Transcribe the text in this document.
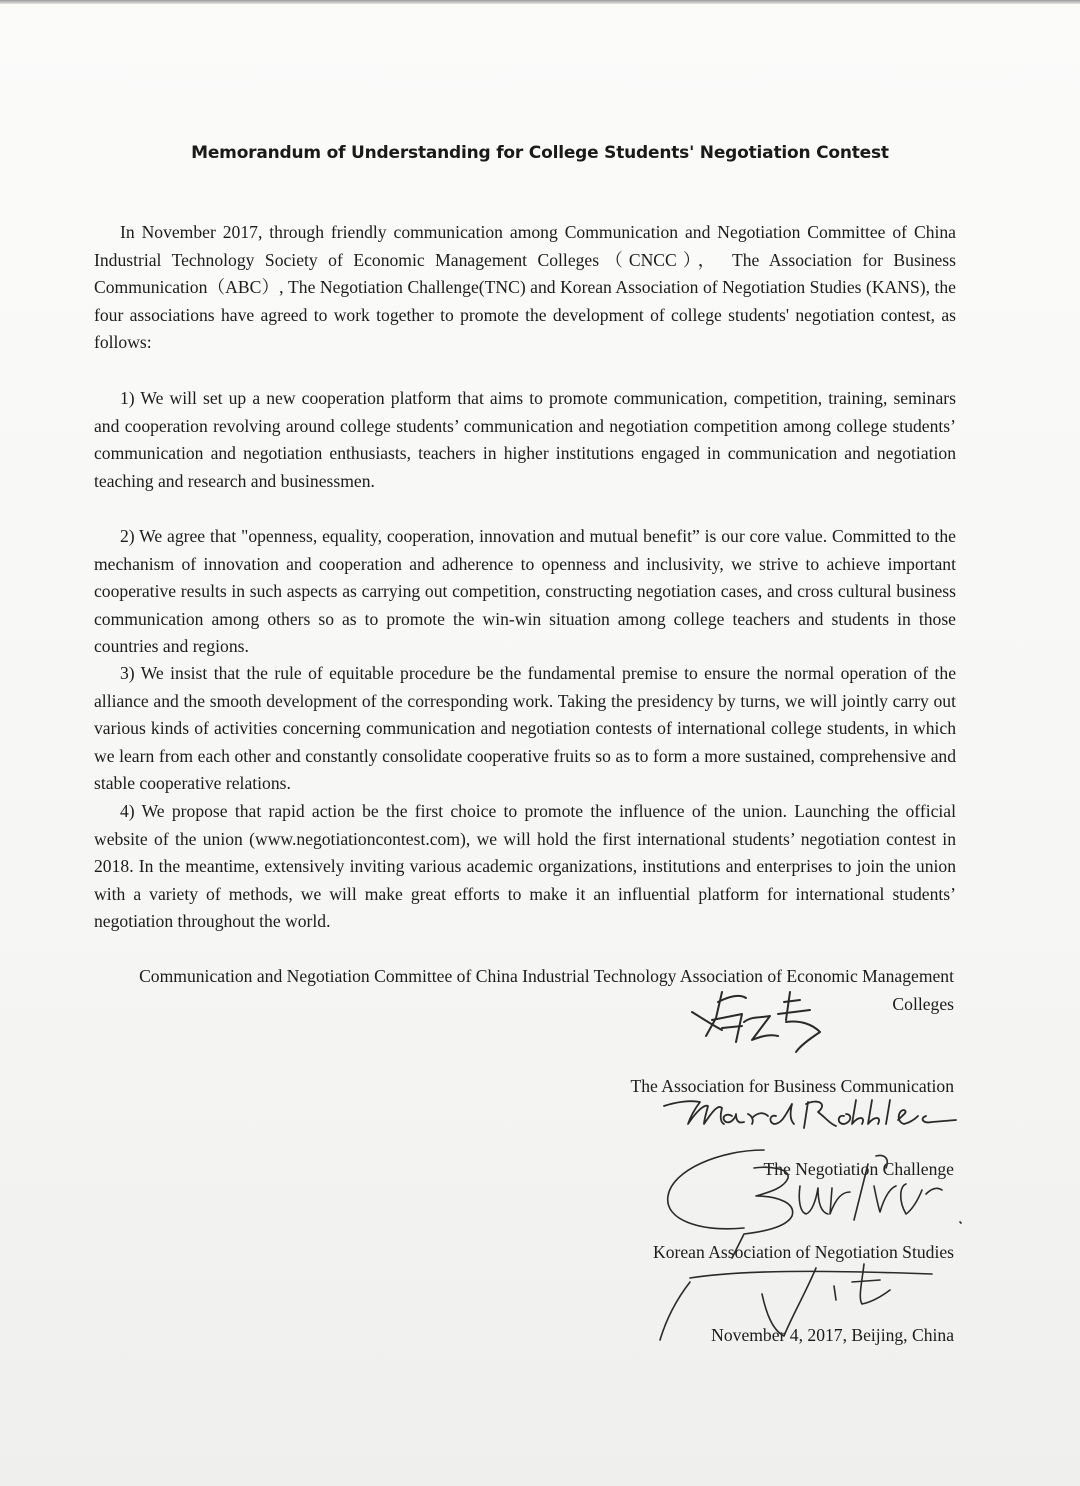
Memorandum of Understanding for College Students' Negotiation Contest

In November 2017, through friendly communication among Communication and Negotiation Committee of China Industrial Technology Society of Economic Management Colleges（CNCC）， The Association for Business Communication（ABC）, The Negotiation Challenge(TNC) and Korean Association of Negotiation Studies (KANS), the four associations have agreed to work together to promote the development of college students' negotiation contest, as follows:

1) We will set up a new cooperation platform that aims to promote communication, competition, training, seminars and cooperation revolving around college students’ communication and negotiation competition among college students’ communication and negotiation enthusiasts, teachers in higher institutions engaged in communication and negotiation teaching and research and businessmen.

2) We agree that "openness, equality, cooperation, innovation and mutual benefit” is our core value. Committed to the mechanism of innovation and cooperation and adherence to openness and inclusivity, we strive to achieve important cooperative results in such aspects as carrying out competition, constructing negotiation cases, and cross cultural business communication among others so as to promote the win-win situation among college teachers and students in those countries and regions.

3) We insist that the rule of equitable procedure be the fundamental premise to ensure the normal operation of the alliance and the smooth development of the corresponding work. Taking the presidency by turns, we will jointly carry out various kinds of activities concerning communication and negotiation contests of international college students, in which we learn from each other and constantly consolidate cooperative fruits so as to form a more sustained, comprehensive and stable cooperative relations.

4) We propose that rapid action be the first choice to promote the influence of the union. Launching the official website of the union (www.negotiationcontest.com), we will hold the first international students’ negotiation contest in 2018. In the meantime, extensively inviting various academic organizations, institutions and enterprises to join the union with a variety of methods, we will make great efforts to make it an influential platform for international students’ negotiation throughout the world.

Communication and Negotiation Committee of China Industrial Technology Association of Economic Management
Colleges
The Association for Business Communication
The Negotiation Challenge
Korean Association of Negotiation Studies
November 4, 2017, Beijing, China
